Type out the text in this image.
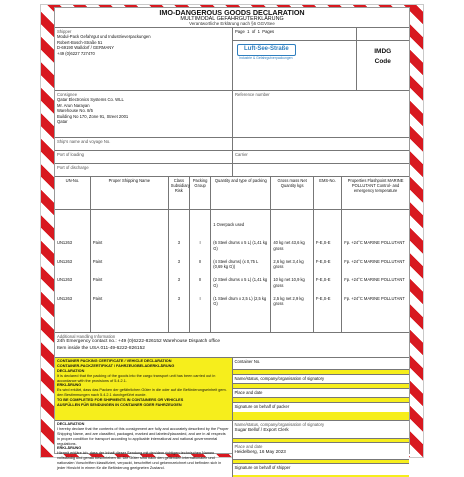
IMO-DANGEROUS GOODS DECLARATION
MULTIMODAL GEFAHRGUTERKLÄRUNG
Verantwortliche Erklärung nach §6 GGVSee
Shipper
Modul-Pack Gefahrgut und Industrieverpackungen
Robert-Bosch-Straße 51
D-69190 Walldorf / GERMANY
+49 (0)6227 727470
Page 1 of 1 Pages
Luft-See-Straße
Industrie & Gefahrgutverpackungen
IMDG
Code
Consignee
Qatar Electronics Systems Co. WLL
Mr. Arun Narayan
Warehouse No. 8/5
Building No 170, Zone 91, Street 2001
Qatar
Reference number
Ship's name and voyage No.
Port of loading	Carrier
Port of discharge
UN-No.	Proper Shipping Name	Class Subsidiary Risk	Packing Group	Quantity and type of packing	Gross mass Net Quantity kgs	EMS-No.	Properties Flashpoint MARINE POLLUTANT Control- and emergency temperature
				1 Overpack used			
UN1263	Paint	3	I	(6 Steel drums x 5 L) (1,41 kg G)	40 kg net 43,6 kg gross	F-E,S-E	Fp. +24°C MARINE POLLUTANT
UN1263	Paint	3	II	(4 Steel drums) (x 0,75 L (0,69 kg G))	2,6 kg net 3,4 kg gross	F-E,S-E	Fp. +24°C MARINE POLLUTANT
UN1263	Paint	3	II	(2 Steel drums x 5 L) (1,41 kg G)	10 kg net 10,9 kg gross	F-E,S-E	Fp. +24°C MARINE POLLUTANT
UN1263	Paint	3	I	(1 Steel drum x 2,5 L) (2,5 kg G)	2,5 kg net 2,9 kg gross	F-E,S-E	Fp. +24°C MARINE POLLUTANT

Additional Handling Information
24h Emergency contact no.: +49 (0)6222-826152 Warehouse Dispatch office
Item inside the USA 011-49-6222-826152
CONTAINER PACKING CERTIFICATE / VEHICLE DECLARATION
CONTAINER-PACKZERTIFIKAT / FAHRZEUGBELADERKLÄRUNG
DECLARATION
It is declared that the packing of the goods into the cargo transport unit has been carried out in accordance with the provisions of 5.4.2.1.
ERKLÄRUNG
Es wird erklärt, dass das Packen der gefährlichen Güter in die oder auf die Beförderungseinheit gem. den Bestimmungen nach 5.4.2.1 durchgeführt wurde.
TO BE COMPLETED FOR SHIPMENTS IN CONTAINERS OR VEHICLES
AUSFÜLLEN FÜR SENDUNGEN IN CONTAINER ODER FAHRZEUGEN
Container No.
Name/status, company/organisation of signatory
Place and date
Signature on behalf of packer
DECLARATION
I hereby declare that the contents of this consignment are fully and accurately described by the Proper Shipping Name, and are classified, packaged, marked and labeled/placarded, and are in all respects in proper condition for transport according to applicable international and national governmental regulations.
ERKLÄRUNG
Hiermit erkläre ich, dass der Inhalt dieser Sendung mit den/dem richtigen technischen Namen vollständig und genau beschrieben ist. Die Güter sind nach den geltenden internationalen und nationalen Vorschriften klassifiziert, verpackt, beschriftet und gekennzeichnet und befinden sich in jeder Hinsicht in einem für die Beförderung geeigneten Zustand.
Name/status, company/organisation of signatory
Sugar Bellof / Export Clerk
Place and date
Heidelberg, 16 May 2023
Signature on behalf of shipper
